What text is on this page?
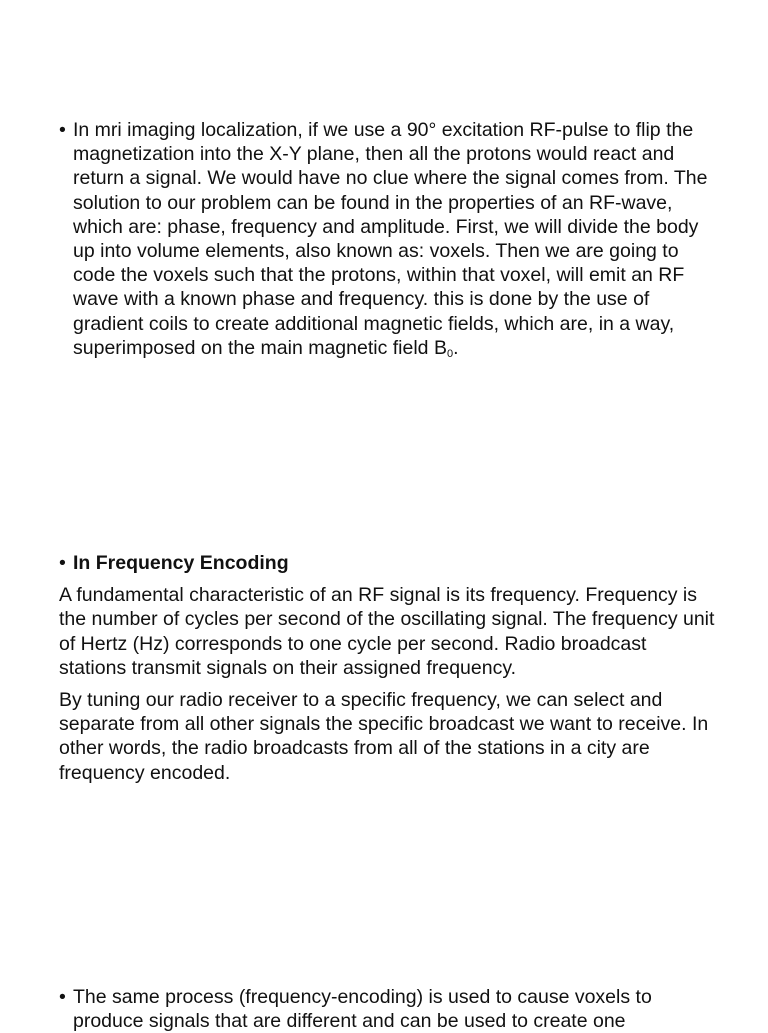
• In mri imaging localization, if we use a 90° excitation RF-pulse to flip the magnetization into the X-Y plane, then all the protons would react and return a signal. We would have no clue where the signal comes from. The solution to our problem can be found in the properties of an RF-wave, which are: phase, frequency and amplitude. First, we will divide the body up into volume elements, also known as: voxels. Then we are going to code the voxels such that the protons, within that voxel, will emit an RF wave with a known phase and frequency. this is done by the use of gradient coils to create additional magnetic fields, which are, in a way, superimposed on the main magnetic field $B_0$.
• In Frequency Encoding

A fundamental characteristic of an RF signal is its frequency. Frequency is the number of cycles per second of the oscillating signal. The frequency unit of Hertz (Hz) corresponds to one cycle per second. Radio broadcast stations transmit signals on their assigned frequency.

By tuning our radio receiver to a specific frequency, we can select and separate from all other signals the specific broadcast we want to receive. In other words, the radio broadcasts from all of the stations in a city are frequency encoded.

• The same process (frequency-encoding) is used to cause voxels to produce signals that are different and can be used to create one
